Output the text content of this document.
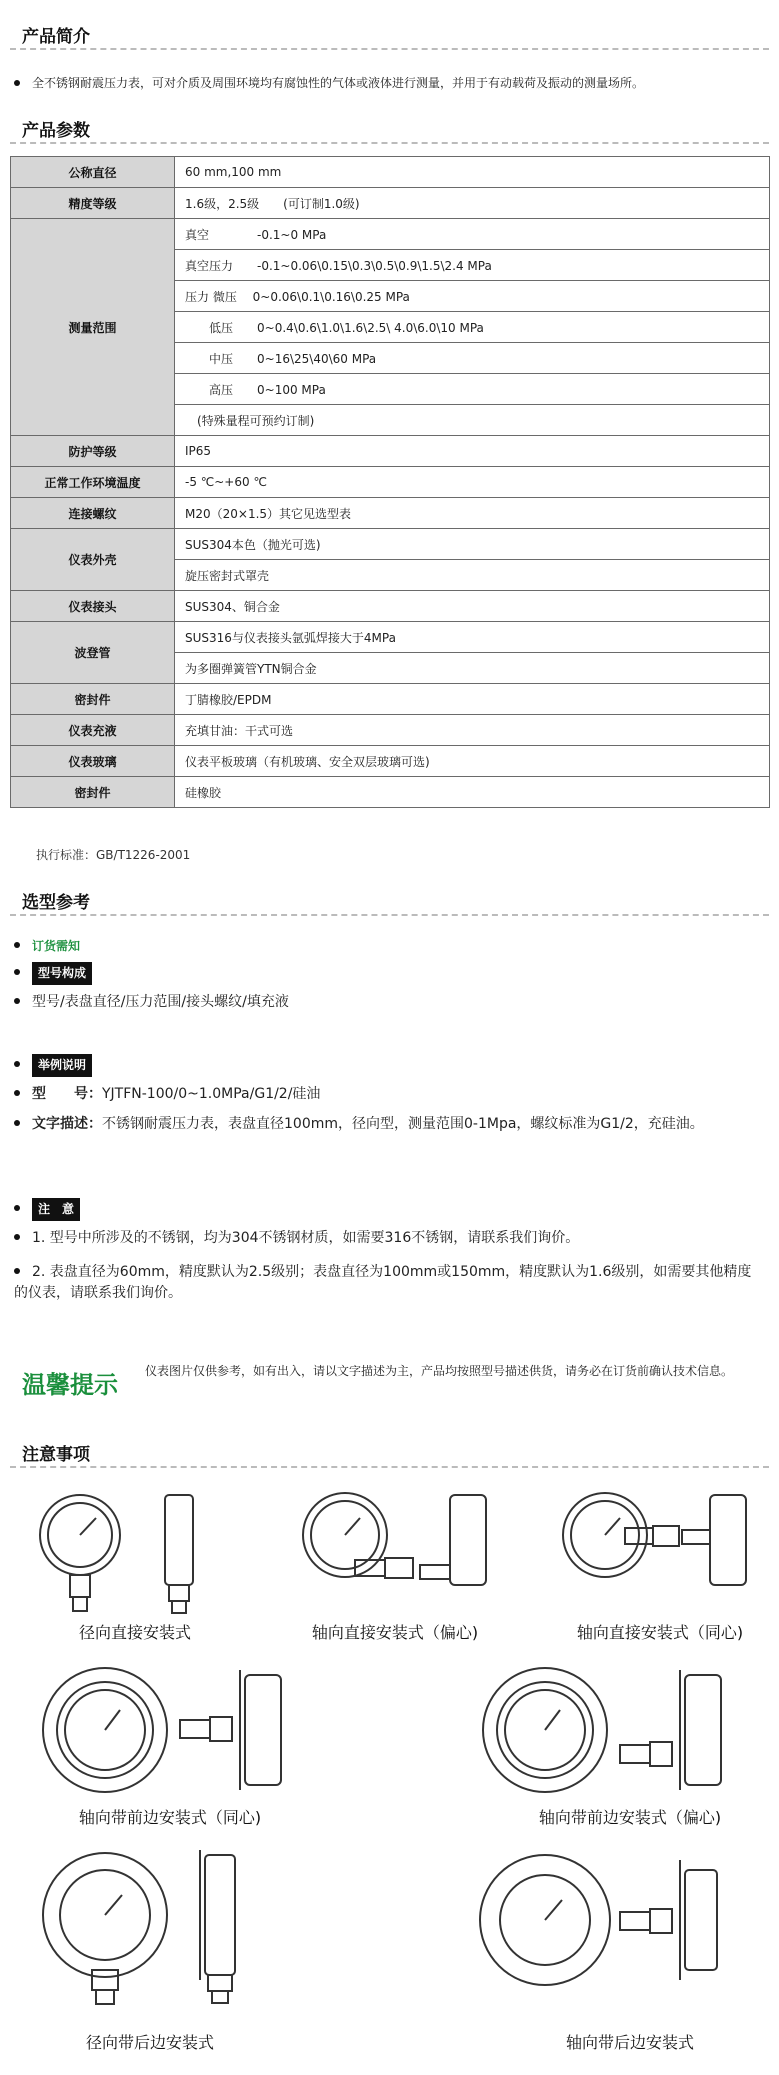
产品简介
全不锈钢耐震压力表，可对介质及周围环境均有腐蚀性的气体或液体进行测量，并用于有动载荷及振动的测量场所。
产品参数
公称直径	60 mm,100 mm
精度等级	1.6级，2.5级　　(可订制1.0级)
测量范围	真空　　　　-0.1~0 MPa
	真空压力　　-0.1~0.06\0.15\0.3\0.5\0.9\1.5\2.4 MPa
	压力 微压　 0~0.06\0.1\0.16\0.25 MPa
	　　低压　　0~0.4\0.6\1.0\1.6\2.5\ 4.0\6.0\10 MPa
	　　中压　　0~16\25\40\60 MPa
	　　高压　　0~100 MPa
	　(特殊量程可预约订制)
防护等级	IP65
正常工作环境温度	-5 ℃~+60 ℃
连接螺纹	M20（20×1.5）其它见选型表
仪表外壳	SUS304本色（抛光可选)
	旋压密封式罩壳
仪表接头	SUS304、铜合金
波登管	SUS316与仪表接头氩弧焊接大于4MPa
	为多圈弹簧管YTN铜合金
密封件	丁腈橡胶/EPDM
仪表充液	充填甘油：干式可选
仪表玻璃	仪表平板玻璃（有机玻璃、安全双层玻璃可选)
密封件	硅橡胶
执行标准：GB/T1226-2001
选型参考
订货需知
型号构成
型号/表盘直径/压力范围/接头螺纹/填充液
举例说明
型　　号：YJTFN-100/0~1.0MPa/G1/2/硅油
文字描述：不锈钢耐震压力表，表盘直径100mm，径向型，测量范围0-1Mpa，螺纹标准为G1/2，充硅油。
注　意
1. 型号中所涉及的不锈钢，均为304不锈钢材质，如需要316不锈钢，请联系我们询价。
2. 表盘直径为60mm，精度默认为2.5级别；表盘直径为100mm或150mm，精度默认为1.6级别，如需要其他精度的仪表，请联系我们询价。
温馨提示 仪表图片仅供参考，如有出入，请以文字描述为主，产品均按照型号描述供货，请务必在订货前确认技术信息。
注意事项
径向直接安装式	轴向直接安装式（偏心)	轴向直接安装式（同心)
轴向带前边安装式（同心)	轴向带前边安装式（偏心)
径向带后边安装式	轴向带后边安装式
